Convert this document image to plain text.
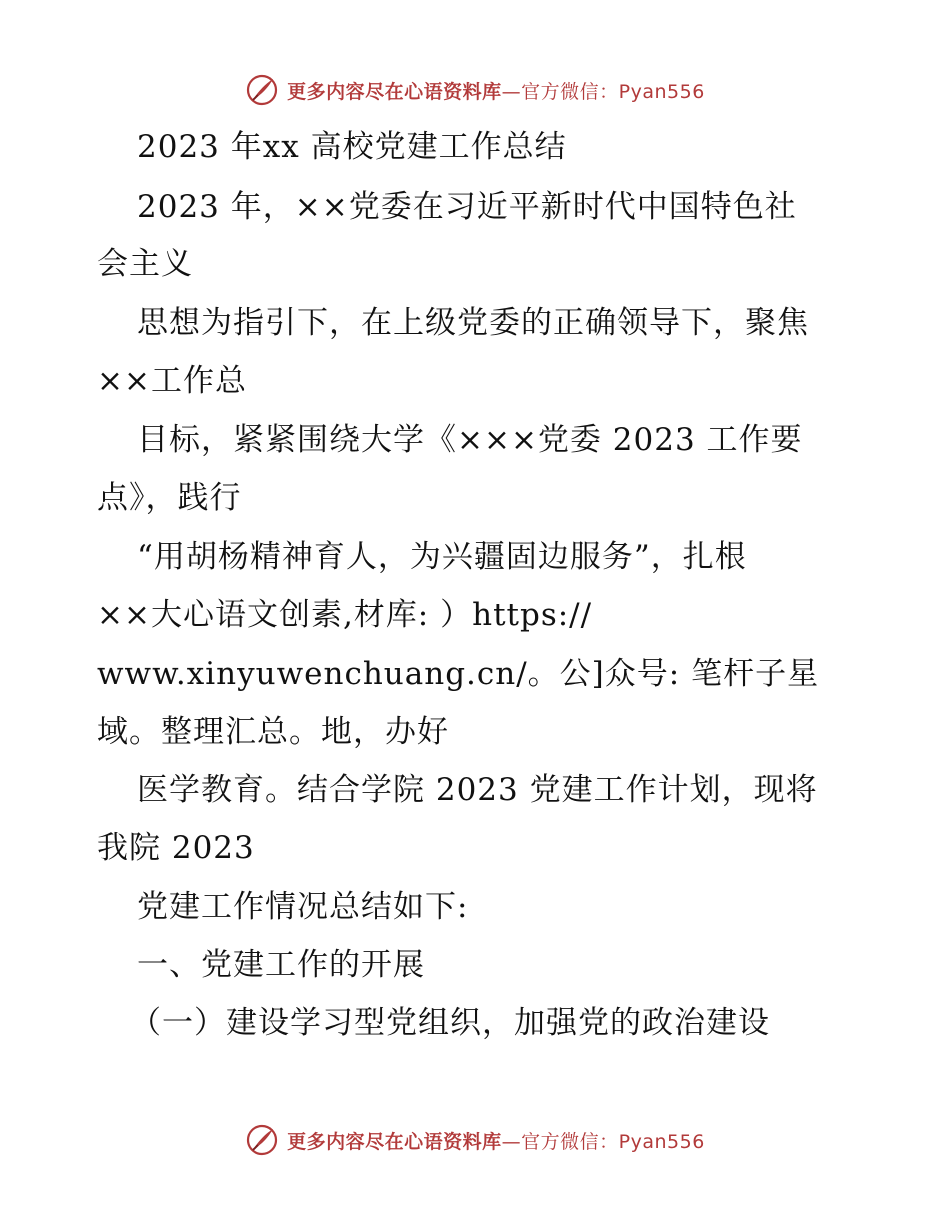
更多内容尽在心语资料库—官方微信：Pyan556
2023 年xx 高校党建工作总结
2023 年，××党委在习近平新时代中国特色社
会主义
思想为指引下，在上级党委的正确领导下，聚焦
××工作总
目标，紧紧围绕大学《×××党委 2023 工作要
点》，践行
“用胡杨精神育人，为兴疆固边服务”，扎根
××大心语文创素,材库: ）https://
www.xinyuwenchuang.cn/。公]众号: 笔杆子星
域。整理汇总。地，办好
医学教育。结合学院 2023 党建工作计划，现将
我院 2023
党建工作情况总结如下:
一、党建工作的开展
（一）建设学习型党组织，加强党的政治建设
更多内容尽在心语资料库—官方微信：Pyan556
